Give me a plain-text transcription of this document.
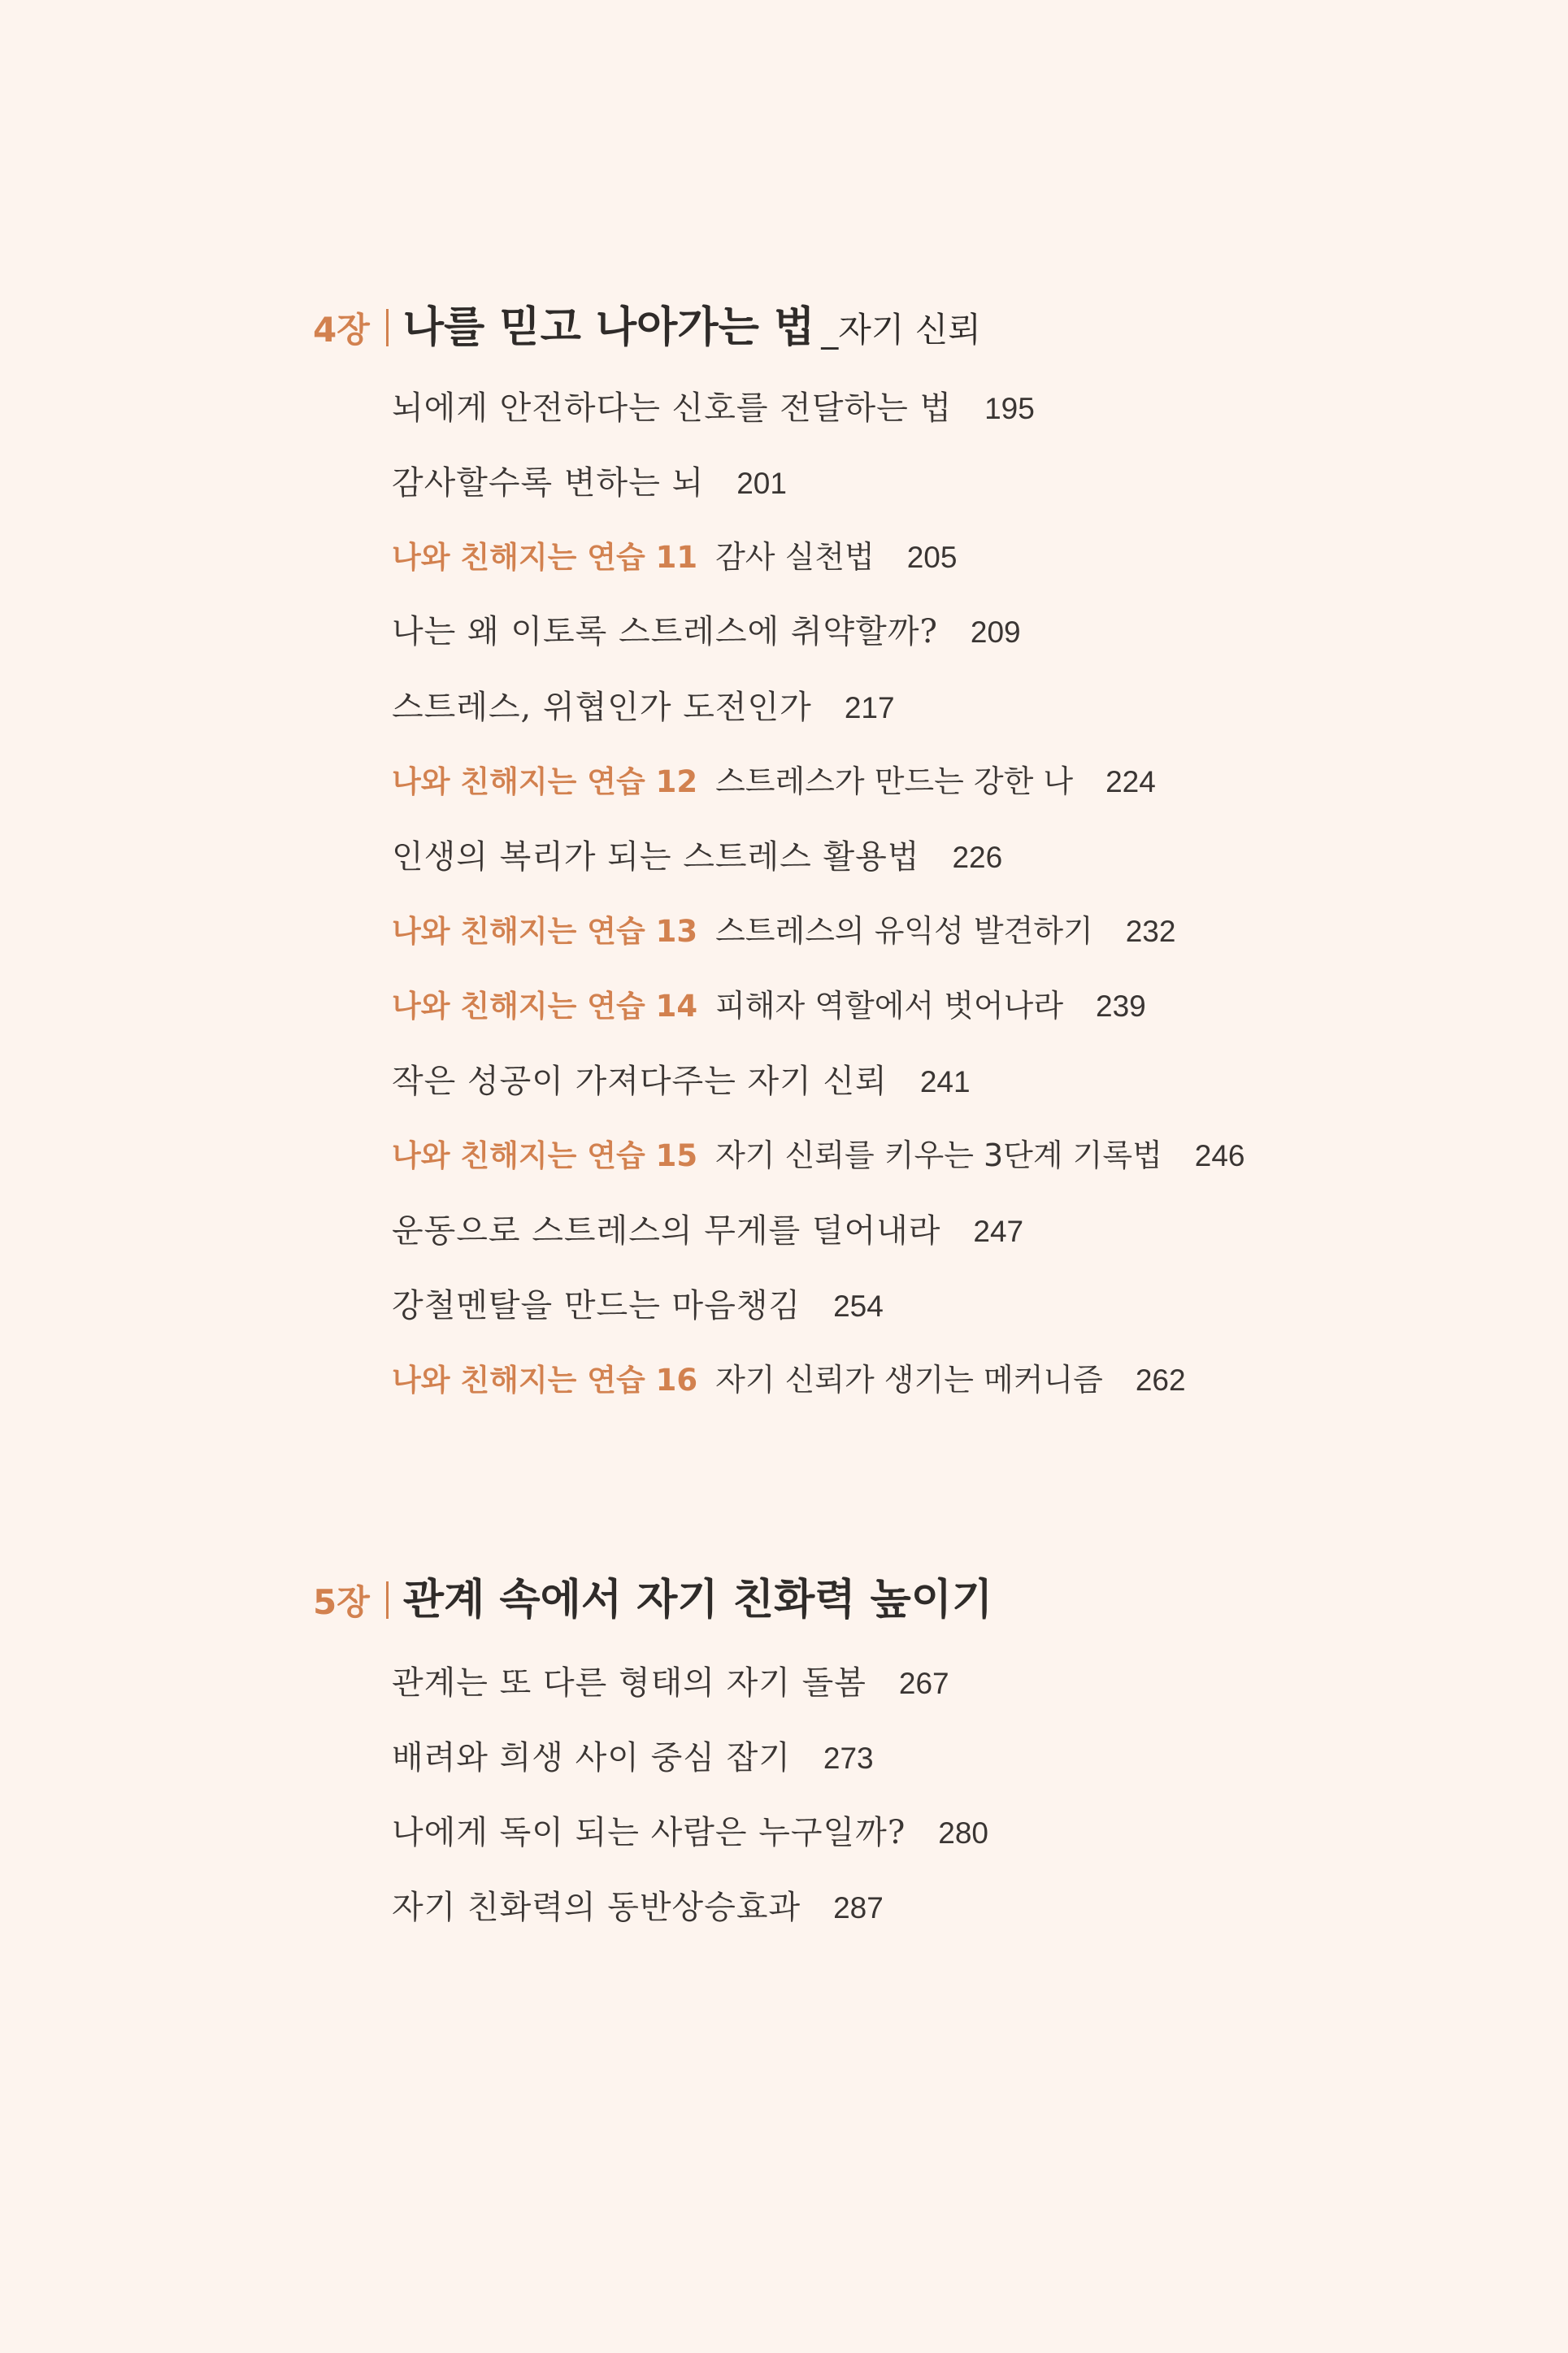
4장 나를 믿고 나아가는 법 _자기 신뢰
뇌에게 안전하다는 신호를 전달하는 법 195
감사할수록 변하는 뇌 201
나와 친해지는 연습 11 감사 실천법 205
나는 왜 이토록 스트레스에 취약할까? 209
스트레스, 위협인가 도전인가 217
나와 친해지는 연습 12 스트레스가 만드는 강한 나 224
인생의 복리가 되는 스트레스 활용법 226
나와 친해지는 연습 13 스트레스의 유익성 발견하기 232
나와 친해지는 연습 14 피해자 역할에서 벗어나라 239
작은 성공이 가져다주는 자기 신뢰 241
나와 친해지는 연습 15 자기 신뢰를 키우는 3단계 기록법 246
운동으로 스트레스의 무게를 덜어내라 247
강철멘탈을 만드는 마음챙김 254
나와 친해지는 연습 16 자기 신뢰가 생기는 메커니즘 262
5장 관계 속에서 자기 친화력 높이기
관계는 또 다른 형태의 자기 돌봄 267
배려와 희생 사이 중심 잡기 273
나에게 독이 되는 사람은 누구일까? 280
자기 친화력의 동반상승효과 287
